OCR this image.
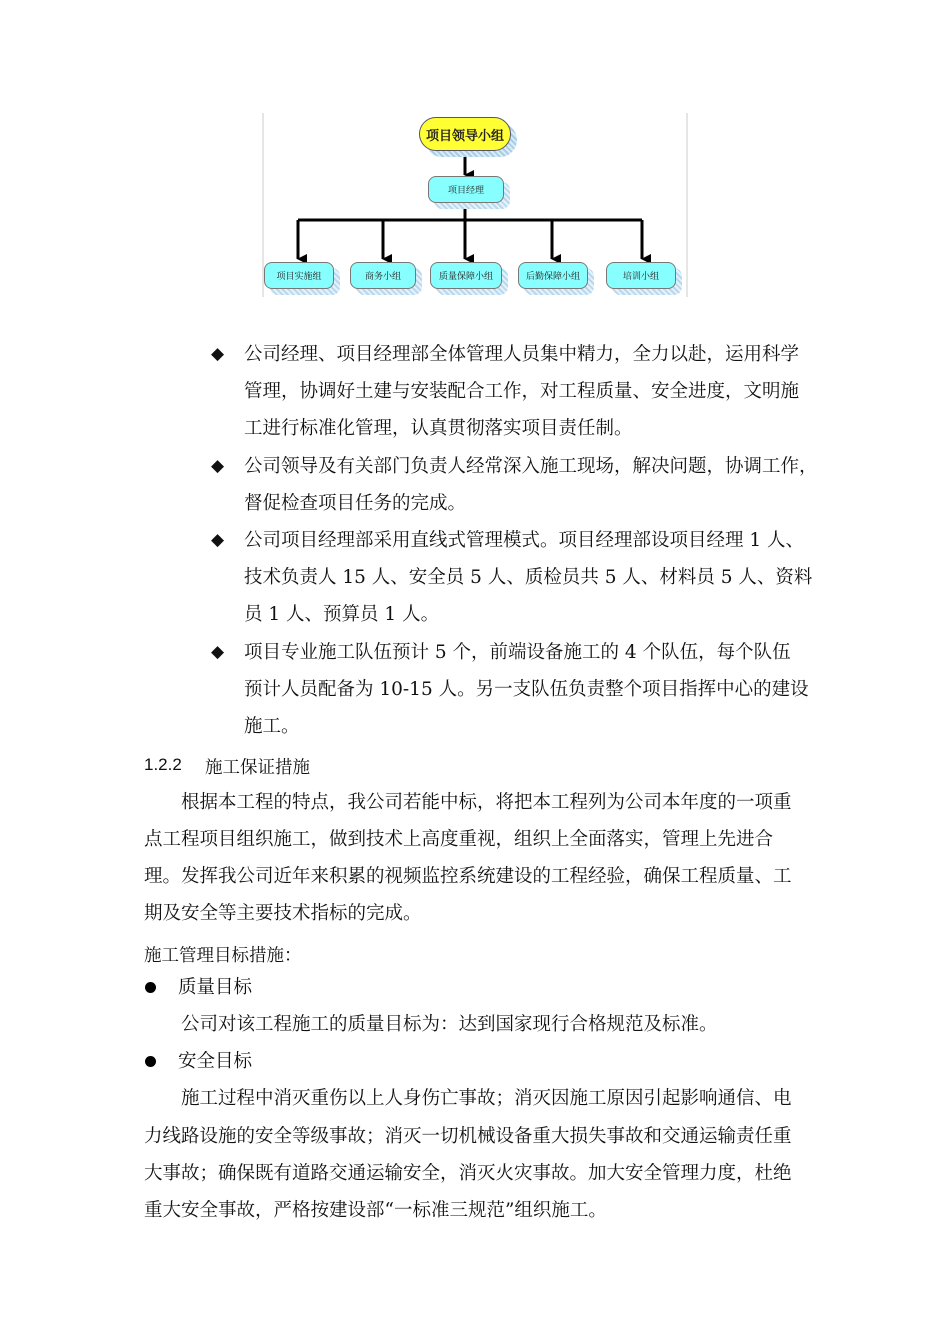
项目领导小组
项目经理
项目实施组	商务小组	质量保障小组	后勤保障小组	培训小组
◆ 公司经理、项目经理部全体管理人员集中精力，全力以赴，运用科学
管理，协调好土建与安装配合工作，对工程质量、安全进度，文明施
工进行标准化管理，认真贯彻落实项目责任制。
◆ 公司领导及有关部门负责人经常深入施工现场，解决问题，协调工作，
督促检查项目任务的完成。
◆ 公司项目经理部采用直线式管理模式。项目经理部设项目经理 1 人、
技术负责人 15 人、安全员 5 人、质检员共 5 人、材料员 5 人、资料
员 1 人、预算员 1 人。
◆ 项目专业施工队伍预计 5 个，前端设备施工的 4 个队伍，每个队伍
预计人员配备为 10-15 人。另一支队伍负责整个项目指挥中心的建设
施工。
1.2.2 施工保证措施
根据本工程的特点，我公司若能中标，将把本工程列为公司本年度的一项重
点工程项目组织施工，做到技术上高度重视，组织上全面落实，管理上先进合
理。发挥我公司近年来积累的视频监控系统建设的工程经验，确保工程质量、工
期及安全等主要技术指标的完成。
施工管理目标措施：
质量目标
公司对该工程施工的质量目标为：达到国家现行合格规范及标准。
安全目标
施工过程中消灭重伤以上人身伤亡事故；消灭因施工原因引起影响通信、电
力线路设施的安全等级事故；消灭一切机械设备重大损失事故和交通运输责任重
大事故；确保既有道路交通运输安全，消灭火灾事故。加大安全管理力度，杜绝
重大安全事故，严格按建设部“一标准三规范”组织施工。
